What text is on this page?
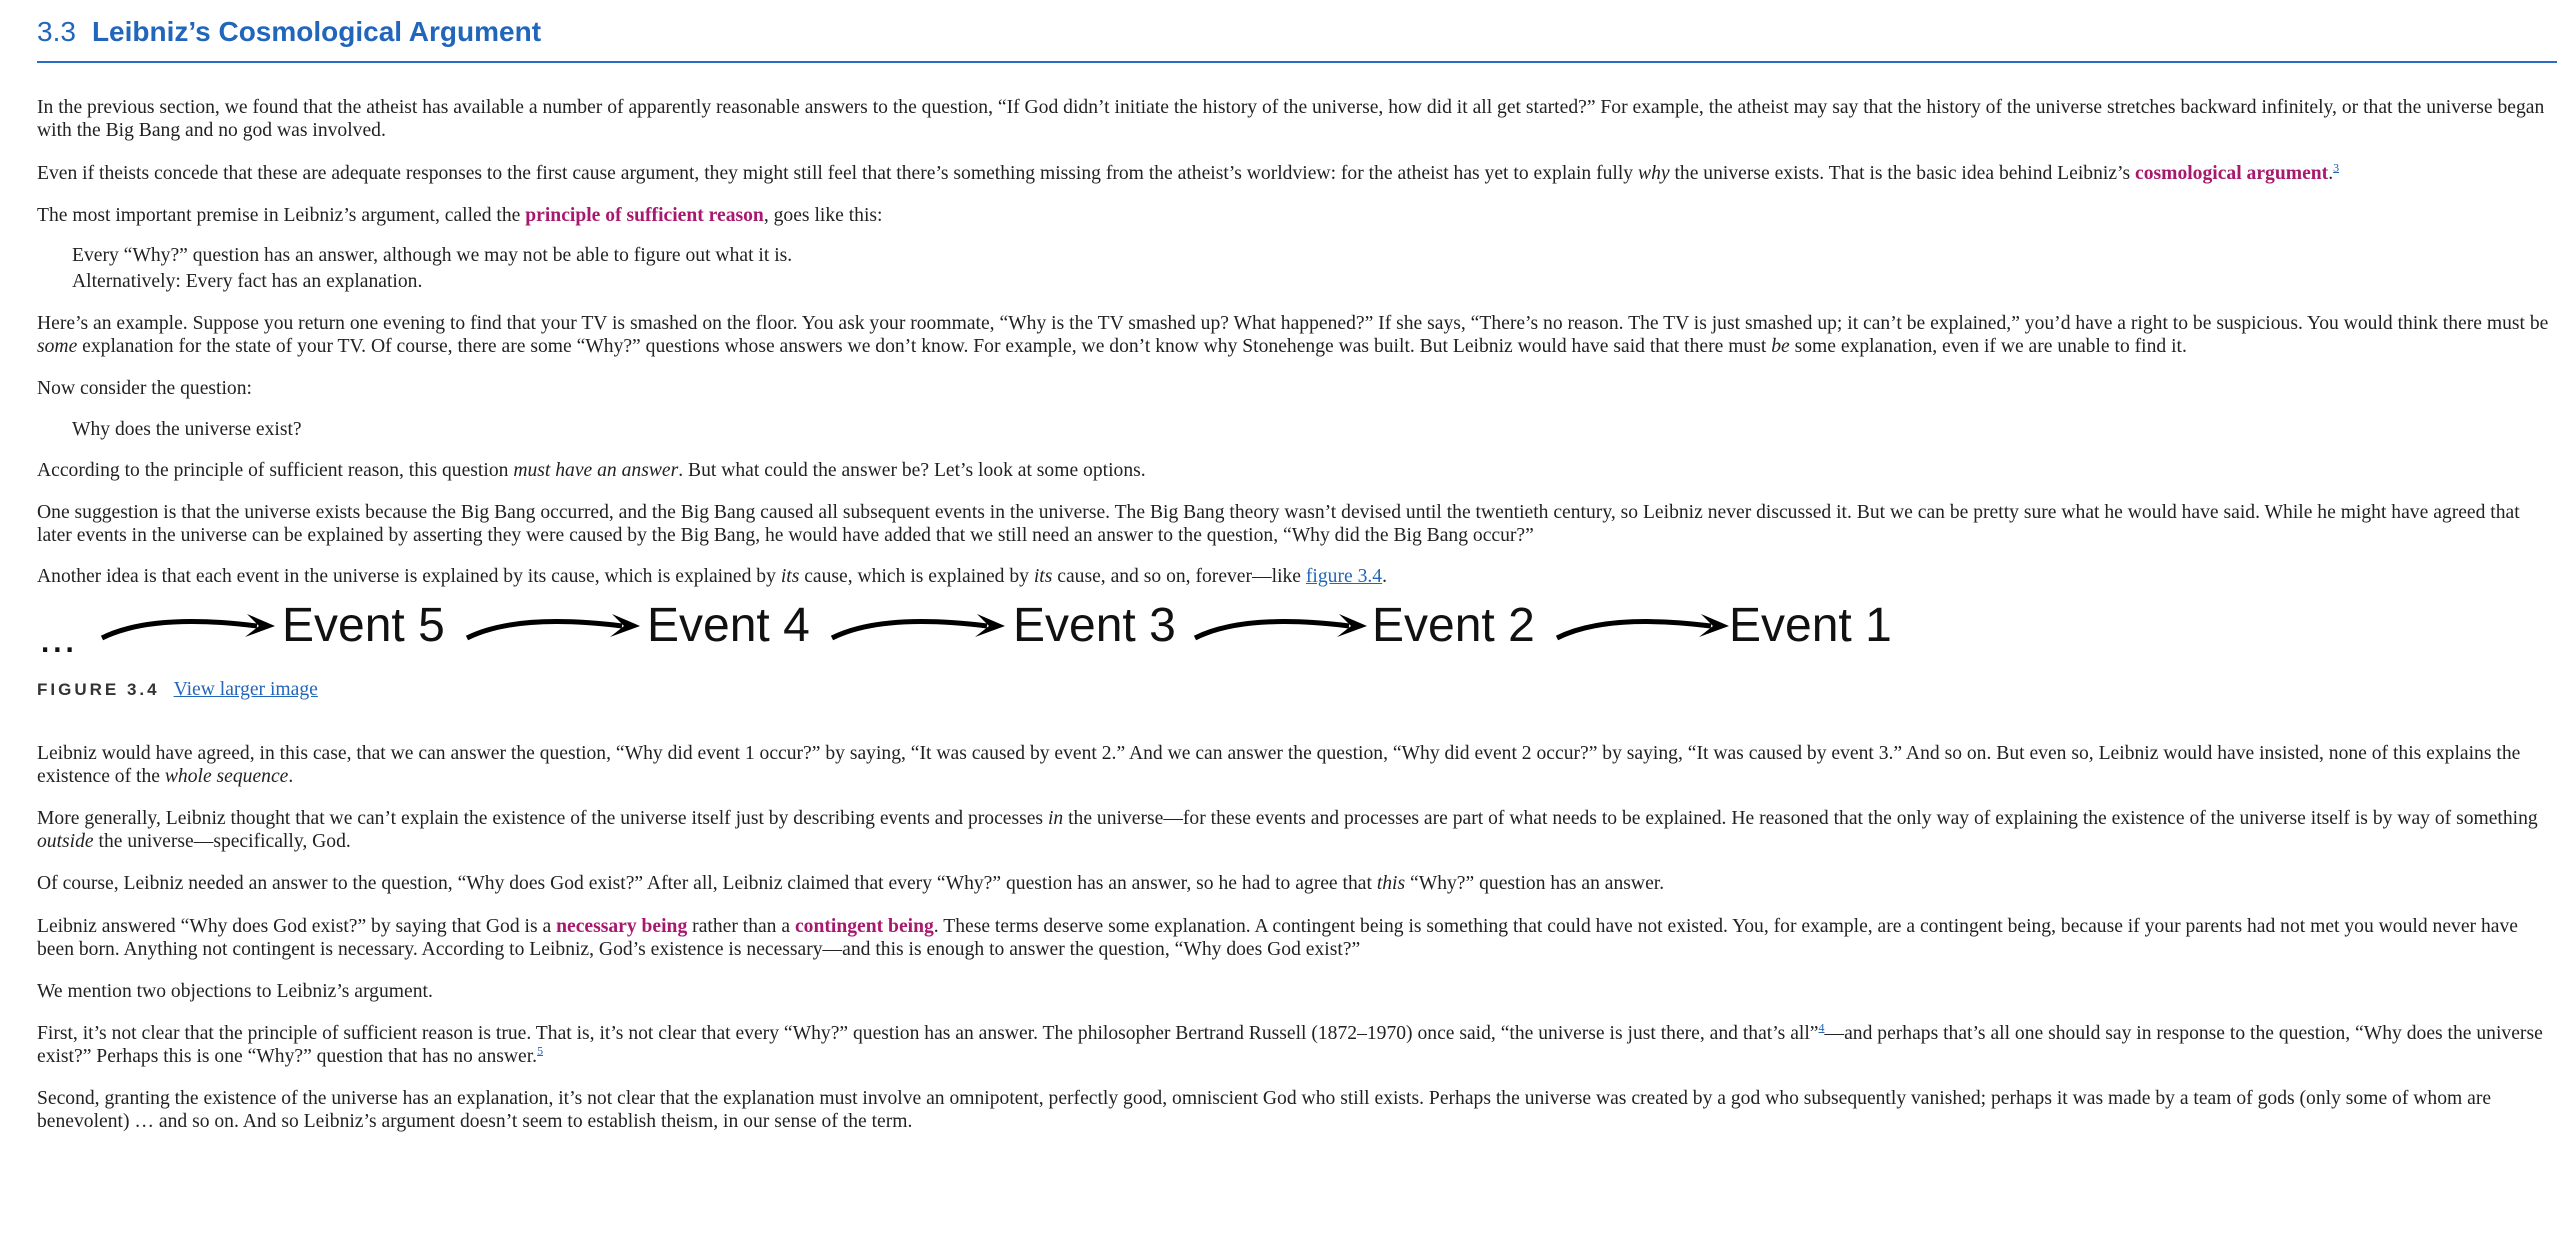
3.3 Leibniz’s Cosmological Argument

In the previous section, we found that the atheist has available a number of apparently reasonable answers to the question, “If God didn’t initiate the history of the universe, how did it all get started?” For example, the atheist may say that the history of the universe stretches backward infinitely, or that the universe began with the Big Bang and no god was involved.

Even if theists concede that these are adequate responses to the first cause argument, they might still feel that there’s something missing from the atheist’s worldview: for the atheist has yet to explain fully why the universe exists. That is the basic idea behind Leibniz’s cosmological argument.$^3$

The most important premise in Leibniz’s argument, called the principle of sufficient reason, goes like this:

Every “Why?” question has an answer, although we may not be able to figure out what it is.

Alternatively: Every fact has an explanation.

Here’s an example. Suppose you return one evening to find that your TV is smashed on the floor. You ask your roommate, “Why is the TV smashed up? What happened?” If she says, “There’s no reason. The TV is just smashed up; it can’t be explained,” you’d have a right to be suspicious. You would think there must be some explanation for the state of your TV. Of course, there are some “Why?” questions whose answers we don’t know. For example, we don’t know why Stonehenge was built. But Leibniz would have said that there must be some explanation, even if we are unable to find it.

Now consider the question:

Why does the universe exist?

According to the principle of sufficient reason, this question must have an answer. But what could the answer be? Let’s look at some options.

One suggestion is that the universe exists because the Big Bang occurred, and the Big Bang caused all subsequent events in the universe. The Big Bang theory wasn’t devised until the twentieth century, so Leibniz never discussed it. But we can be pretty sure what he would have said. While he might have agreed that later events in the universe can be explained by asserting they were caused by the Big Bang, he would have added that we still need an answer to the question, “Why did the Big Bang occur?”

Another idea is that each event in the universe is explained by its cause, which is explained by its cause, which is explained by its cause, and so on, forever—like figure 3.4.

...	Event 5	Event 4	Event 3	Event 2	Event 1
FIGURE 3.4 View larger image

Leibniz would have agreed, in this case, that we can answer the question, “Why did event 1 occur?” by saying, “It was caused by event 2.” And we can answer the question, “Why did event 2 occur?” by saying, “It was caused by event 3.” And so on. But even so, Leibniz would have insisted, none of this explains the existence of the whole sequence.

More generally, Leibniz thought that we can’t explain the existence of the universe itself just by describing events and processes in the universe—for these events and processes are part of what needs to be explained. He reasoned that the only way of explaining the existence of the universe itself is by way of something outside the universe—specifically, God.

Of course, Leibniz needed an answer to the question, “Why does God exist?” After all, Leibniz claimed that every “Why?” question has an answer, so he had to agree that this “Why?” question has an answer.

Leibniz answered “Why does God exist?” by saying that God is a necessary being rather than a contingent being. These terms deserve some explanation. A contingent being is something that could have not existed. You, for example, are a contingent being, because if your parents had not met you would never have been born. Anything not contingent is necessary. According to Leibniz, God’s existence is necessary—and this is enough to answer the question, “Why does God exist?”

We mention two objections to Leibniz’s argument.

First, it’s not clear that the principle of sufficient reason is true. That is, it’s not clear that every “Why?” question has an answer. The philosopher Bertrand Russell (1872–1970) once said, “the universe is just there, and that’s all”$^4$—and perhaps that’s all one should say in response to the question, “Why does the universe exist?” Perhaps this is one “Why?” question that has no answer.$^5$

Second, granting the existence of the universe has an explanation, it’s not clear that the explanation must involve an omnipotent, perfectly good, omniscient God who still exists. Perhaps the universe was created by a god who subsequently vanished; perhaps it was made by a team of gods (only some of whom are benevolent) … and so on. And so Leibniz’s argument doesn’t seem to establish theism, in our sense of the term.
